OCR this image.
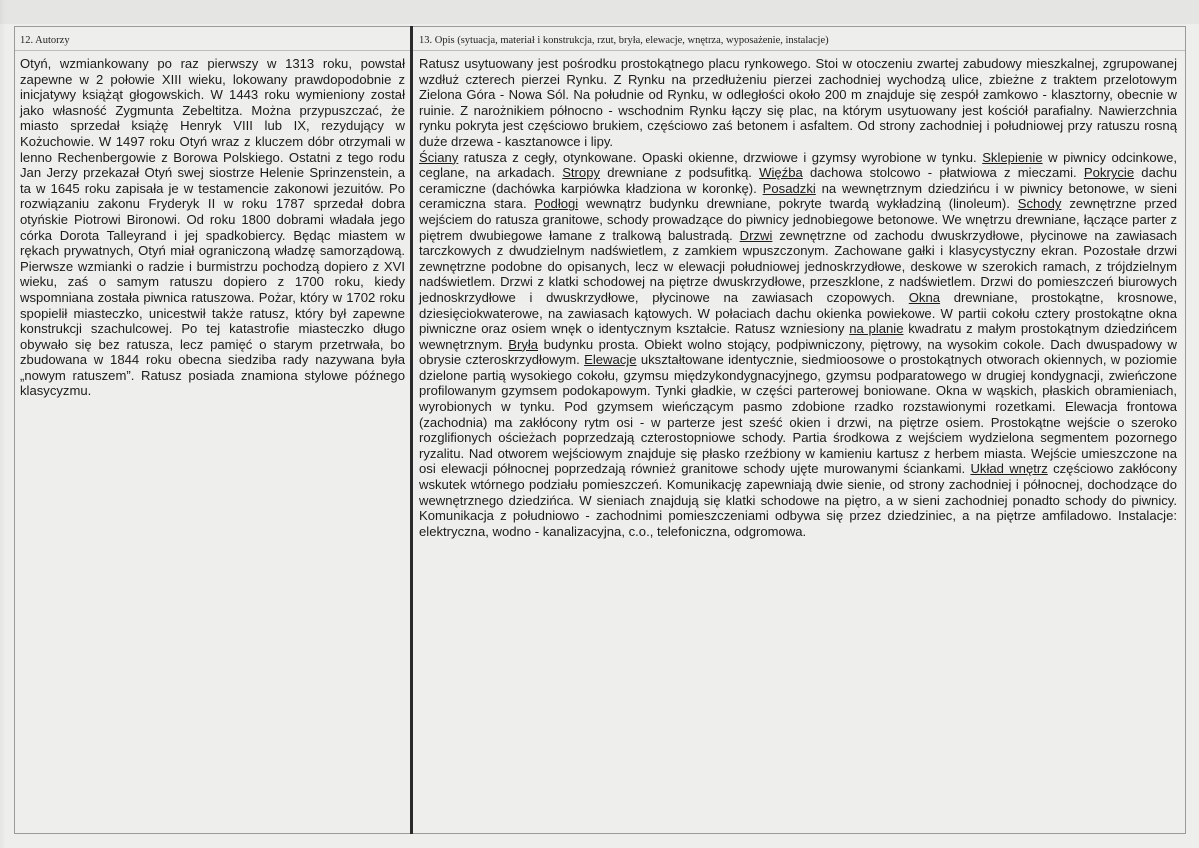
12. Autorzy	13. Opis (sytuacja, materiał i konstrukcja, rzut, bryła, elewacje, wnętrza, wyposażenie, instalacje)

Otyń, wzmiankowany po raz pierwszy w 1313 roku, powstał zapewne w 2 połowie XIII wieku, lokowany prawdopodobnie z inicjatywy książąt głogowskich. W 1443 roku wymieniony został jako własność Zygmunta Zebeltitza. Można przypuszczać, że miasto sprzedał książę Henryk VIII lub IX, rezydujący w Kożuchowie. W 1497 roku Otyń wraz z kluczem dóbr otrzymali w lenno Rechenbergowie z Borowa Polskiego. Ostatni z tego rodu Jan Jerzy przekazał Otyń swej siostrze Helenie Sprinzenstein, a ta w 1645 roku zapisała je w testamencie zakonowi jezuitów. Po rozwiązaniu zakonu Fryderyk II w roku 1787 sprzedał dobra otyńskie Piotrowi Bironowi. Od roku 1800 dobrami władała jego córka Dorota Talleyrand i jej spadkobiercy. Będąc miastem w rękach prywatnych, Otyń miał ograniczoną władzę samorządową. Pierwsze wzmianki o radzie i burmistrzu pochodzą dopiero z XVI wieku, zaś o samym ratuszu dopiero z 1700 roku, kiedy wspomniana została piwnica ratuszowa. Pożar, który w 1702 roku spopielił miasteczko, unicestwił także ratusz, który był zapewne konstrukcji szachulcowej. Po tej katastrofie miasteczko długo obywało się bez ratusza, lecz pamięć o starym przetrwała, bo zbudowana w 1844 roku obecna siedziba rady nazywana była „nowym ratuszem”. Ratusz posiada znamiona stylowe późnego klasycyzmu.

Ratusz usytuowany jest pośrodku prostokątnego placu rynkowego. Stoi w otoczeniu zwartej zabudowy mieszkalnej, zgrupowanej wzdłuż czterech pierzei Rynku. Z Rynku na przedłużeniu pierzei zachodniej wychodzą ulice, zbieżne z traktem przelotowym Zielona Góra - Nowa Sól. Na południe od Rynku, w odległości około 200 m znajduje się zespół zamkowo - klasztorny, obecnie w ruinie. Z narożnikiem północno - wschodnim Rynku łączy się plac, na którym usytuowany jest kościół parafialny. Nawierzchnia rynku pokryta jest częściowo brukiem, częściowo zaś betonem i asfaltem. Od strony zachodniej i południowej przy ratuszu rosną duże drzewa - kasztanowce i lipy.

Ściany ratusza z cegły, otynkowane. Opaski okienne, drzwiowe i gzymsy wyrobione w tynku. Sklepienie w piwnicy odcinkowe, ceglane, na arkadach. Stropy drewniane z podsufitką. Więźba dachowa stolcowo - płatwiowa z mieczami. Pokrycie dachu ceramiczne (dachówka karpiówka kładziona w koronkę). Posadzki na wewnętrznym dziedzińcu i w piwnicy betonowe, w sieni ceramiczna stara. Podłogi wewnątrz budynku drewniane, pokryte twardą wykładziną (linoleum). Schody zewnętrzne przed wejściem do ratusza granitowe, schody prowadzące do piwnicy jednobiegowe betonowe. We wnętrzu drewniane, łączące parter z piętrem dwubiegowe łamane z tralkową balustradą. Drzwi zewnętrzne od zachodu dwuskrzydłowe, płycinowe na zawiasach tarczkowych z dwudzielnym nadświetlem, z zamkiem wpuszczonym. Zachowane gałki i klasycystyczny ekran. Pozostałe drzwi zewnętrzne podobne do opisanych, lecz w elewacji południowej jednoskrzydłowe, deskowe w szerokich ramach, z trójdzielnym nadświetlem. Drzwi z klatki schodowej na piętrze dwuskrzydłowe, przeszklone, z nadświetlem. Drzwi do pomieszczeń biurowych jednoskrzydłowe i dwuskrzydłowe, płycinowe na zawiasach czopowych. Okna drewniane, prostokątne, krosnowe, dziesięciokwaterowe, na zawiasach kątowych. W połaciach dachu okienka powiekowe. W partii cokołu cztery prostokątne okna piwniczne oraz osiem wnęk o identycznym kształcie. Ratusz wzniesiony na planie kwadratu z małym prostokątnym dziedzińcem wewnętrznym. Bryła budynku prosta. Obiekt wolno stojący, podpiwniczony, piętrowy, na wysokim cokole. Dach dwuspadowy w obrysie czteroskrzydłowym. Elewacje ukształtowane identycznie, siedmioosowe o prostokątnych otworach okiennych, w poziomie dzielone partią wysokiego cokołu, gzymsu międzykondygnacyjnego, gzymsu podparatowego w drugiej kondygnacji, zwieńczone profilowanym gzymsem podokapowym. Tynki gładkie, w części parterowej boniowane. Okna w wąskich, płaskich obramieniach, wyrobionych w tynku. Pod gzymsem wieńczącym pasmo zdobione rzadko rozstawionymi rozetkami. Elewacja frontowa (zachodnia) ma zakłócony rytm osi - w parterze jest sześć okien i drzwi, na piętrze osiem. Prostokątne wejście o szeroko rozglifionych ościeżach poprzedzają czterostopniowe schody. Partia środkowa z wejściem wydzielona segmentem pozornego ryzalitu. Nad otworem wejściowym znajduje się płasko rzeźbiony w kamieniu kartusz z herbem miasta. Wejście umieszczone na osi elewacji północnej poprzedzają również granitowe schody ujęte murowanymi ściankami. Układ wnętrz częściowo zakłócony wskutek wtórnego podziału pomieszczeń. Komunikację zapewniają dwie sienie, od strony zachodniej i północnej, dochodzące do wewnętrznego dziedzińca. W sieniach znajdują się klatki schodowe na piętro, a w sieni zachodniej ponadto schody do piwnicy. Komunikacja z południowo - zachodnimi pomieszczeniami odbywa się przez dziedziniec, a na piętrze amfiladowo. Instalacje: elektryczna, wodno - kanalizacyjna, c.o., telefoniczna, odgromowa.
